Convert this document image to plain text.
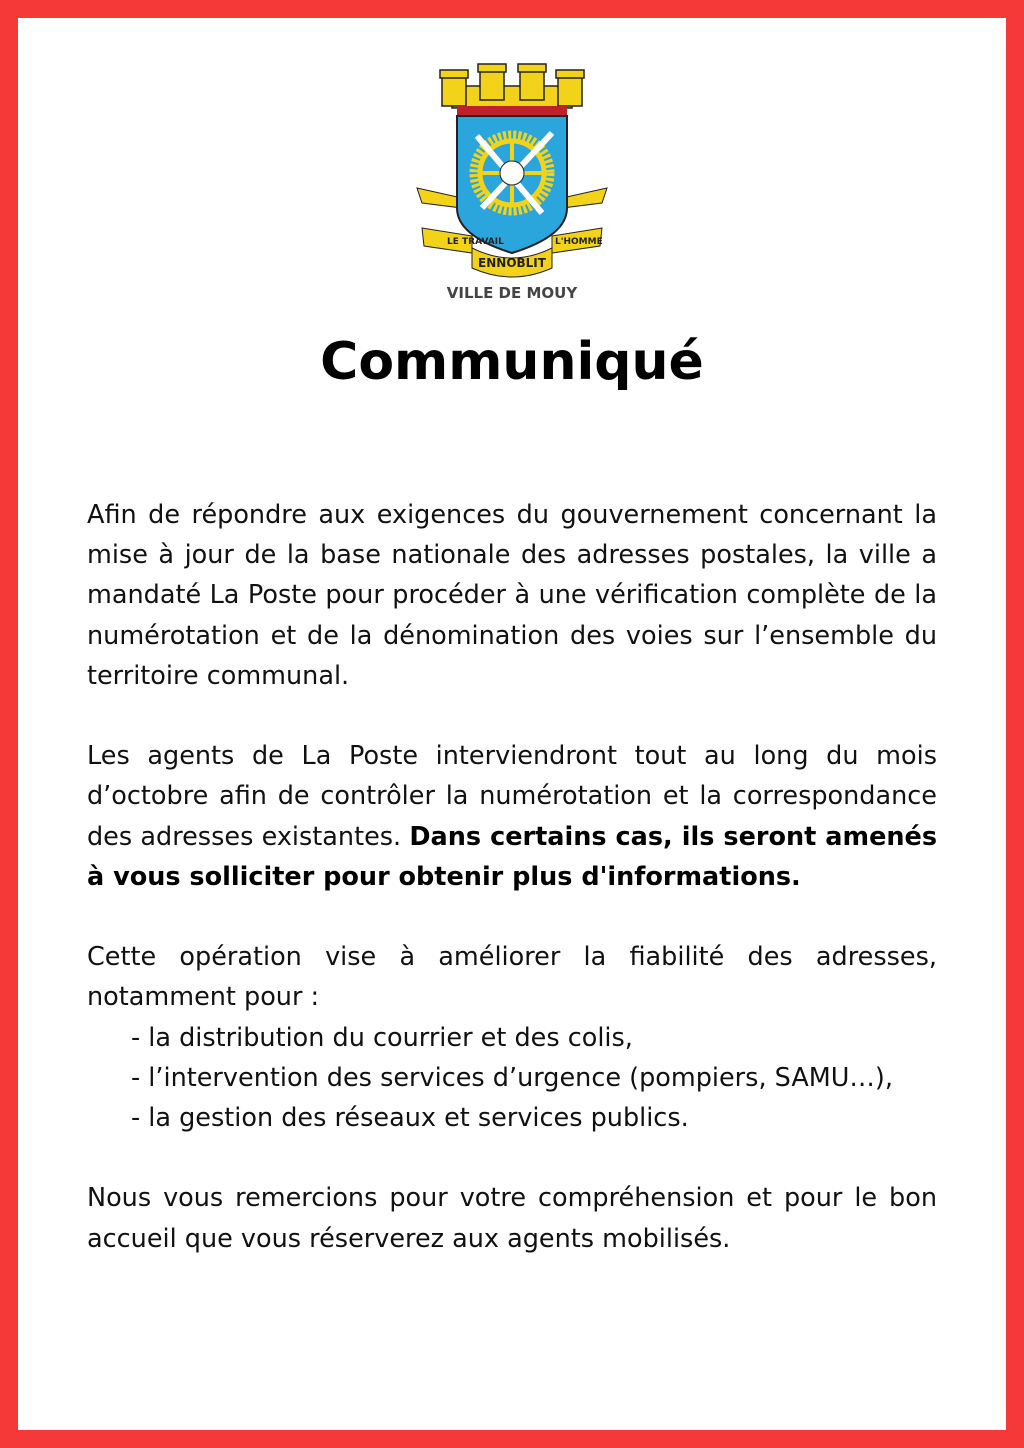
LE TRAVAIL	L'HOMME
ENNOBLIT
VILLE DE MOUY
Communiqué

Afin de répondre aux exigences du gouvernement concernant la mise à jour de la base nationale des adresses postales, la ville a mandaté La Poste pour procéder à une vérification complète de la numérotation et de la dénomination des voies sur l’ensemble du territoire communal.

Les agents de La Poste interviendront tout au long du mois d’octobre afin de contrôler la numérotation et la correspondance des adresses existantes. Dans certains cas, ils seront amenés à vous solliciter pour obtenir plus d'informations.

Cette opération vise à améliorer la fiabilité des adresses, notamment pour :

- la distribution du courrier et des colis,
- l’intervention des services d’urgence (pompiers, SAMU…),
- la gestion des réseaux et services publics.

Nous vous remercions pour votre compréhension et pour le bon accueil que vous réserverez aux agents mobilisés.
